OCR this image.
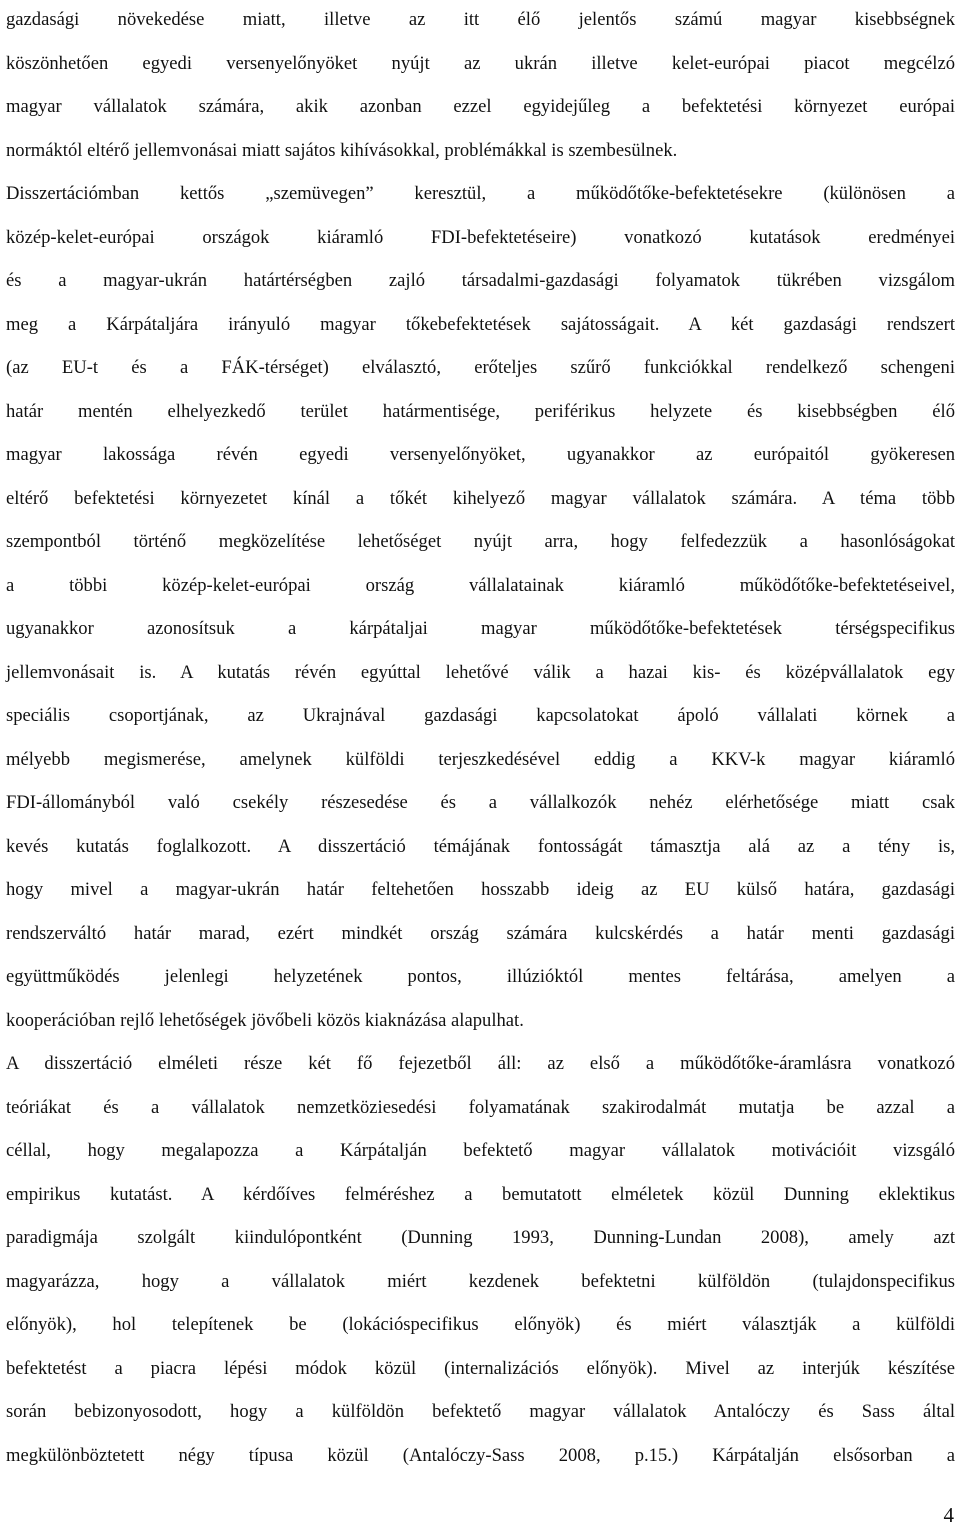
gazdasági növekedése miatt, illetve az itt élő jelentős számú magyar kisebbségnek
köszönhetően egyedi versenyelőnyöket nyújt az ukrán illetve kelet-európai piacot megcélzó
magyar vállalatok számára, akik azonban ezzel egyidejűleg a befektetési környezet európai
normáktól eltérő jellemvonásai miatt sajátos kihívásokkal, problémákkal is szembesülnek.
Disszertációmban kettős „szemüvegen” keresztül, a működőtőke-befektetésekre (különösen a
közép-kelet-európai országok kiáramló FDI-befektetéseire) vonatkozó kutatások eredményei
és a magyar-ukrán határtérségben zajló társadalmi-gazdasági folyamatok tükrében vizsgálom
meg a Kárpátaljára irányuló magyar tőkebefektetések sajátosságait. A két gazdasági rendszert
(az EU-t és a FÁK-térséget) elválasztó, erőteljes szűrő funkciókkal rendelkező schengeni
határ mentén elhelyezkedő terület határmentisége, periférikus helyzete és kisebbségben élő
magyar lakossága révén egyedi versenyelőnyöket, ugyanakkor az európaitól gyökeresen
eltérő befektetési környezetet kínál a tőkét kihelyező magyar vállalatok számára. A téma több
szempontból történő megközelítése lehetőséget nyújt arra, hogy felfedezzük a hasonlóságokat
a többi közép-kelet-európai ország vállalatainak kiáramló működőtőke-befektetéseivel,
ugyanakkor azonosítsuk a kárpátaljai magyar működőtőke-befektetések térségspecifikus
jellemvonásait is. A kutatás révén egyúttal lehetővé válik a hazai kis- és középvállalatok egy
speciális csoportjának, az Ukrajnával gazdasági kapcsolatokat ápoló vállalati körnek a
mélyebb megismerése, amelynek külföldi terjeszkedésével eddig a KKV-k magyar kiáramló
FDI-állományból való csekély részesedése és a vállalkozók nehéz elérhetősége miatt csak
kevés kutatás foglalkozott. A disszertáció témájának fontosságát támasztja alá az a tény is,
hogy mivel a magyar-ukrán határ feltehetően hosszabb ideig az EU külső határa, gazdasági
rendszerváltó határ marad, ezért mindkét ország számára kulcskérdés a határ menti gazdasági
együttműködés jelenlegi helyzetének pontos, illúzióktól mentes feltárása, amelyen a
kooperációban rejlő lehetőségek jövőbeli közös kiaknázása alapulhat.
A disszertáció elméleti része két fő fejezetből áll: az első a működőtőke-áramlásra vonatkozó
teóriákat és a vállalatok nemzetköziesedési folyamatának szakirodalmát mutatja be azzal a
céllal, hogy megalapozza a Kárpátalján befektető magyar vállalatok motivációit vizsgáló
empirikus kutatást. A kérdőíves felméréshez a bemutatott elméletek közül Dunning eklektikus
paradigmája szolgált kiindulópontként (Dunning 1993, Dunning-Lundan 2008), amely azt
magyarázza, hogy a vállalatok miért kezdenek befektetni külföldön (tulajdonspecifikus
előnyök), hol telepítenek be (lokációspecifikus előnyök) és miért választják a külföldi
befektetést a piacra lépési módok közül (internalizációs előnyök). Mivel az interjúk készítése
során bebizonyosodott, hogy a külföldön befektető magyar vállalatok Antalóczy és Sass által
megkülönböztetett négy típusa közül (Antalóczy-Sass 2008, p.15.) Kárpátalján elsősorban a
4
